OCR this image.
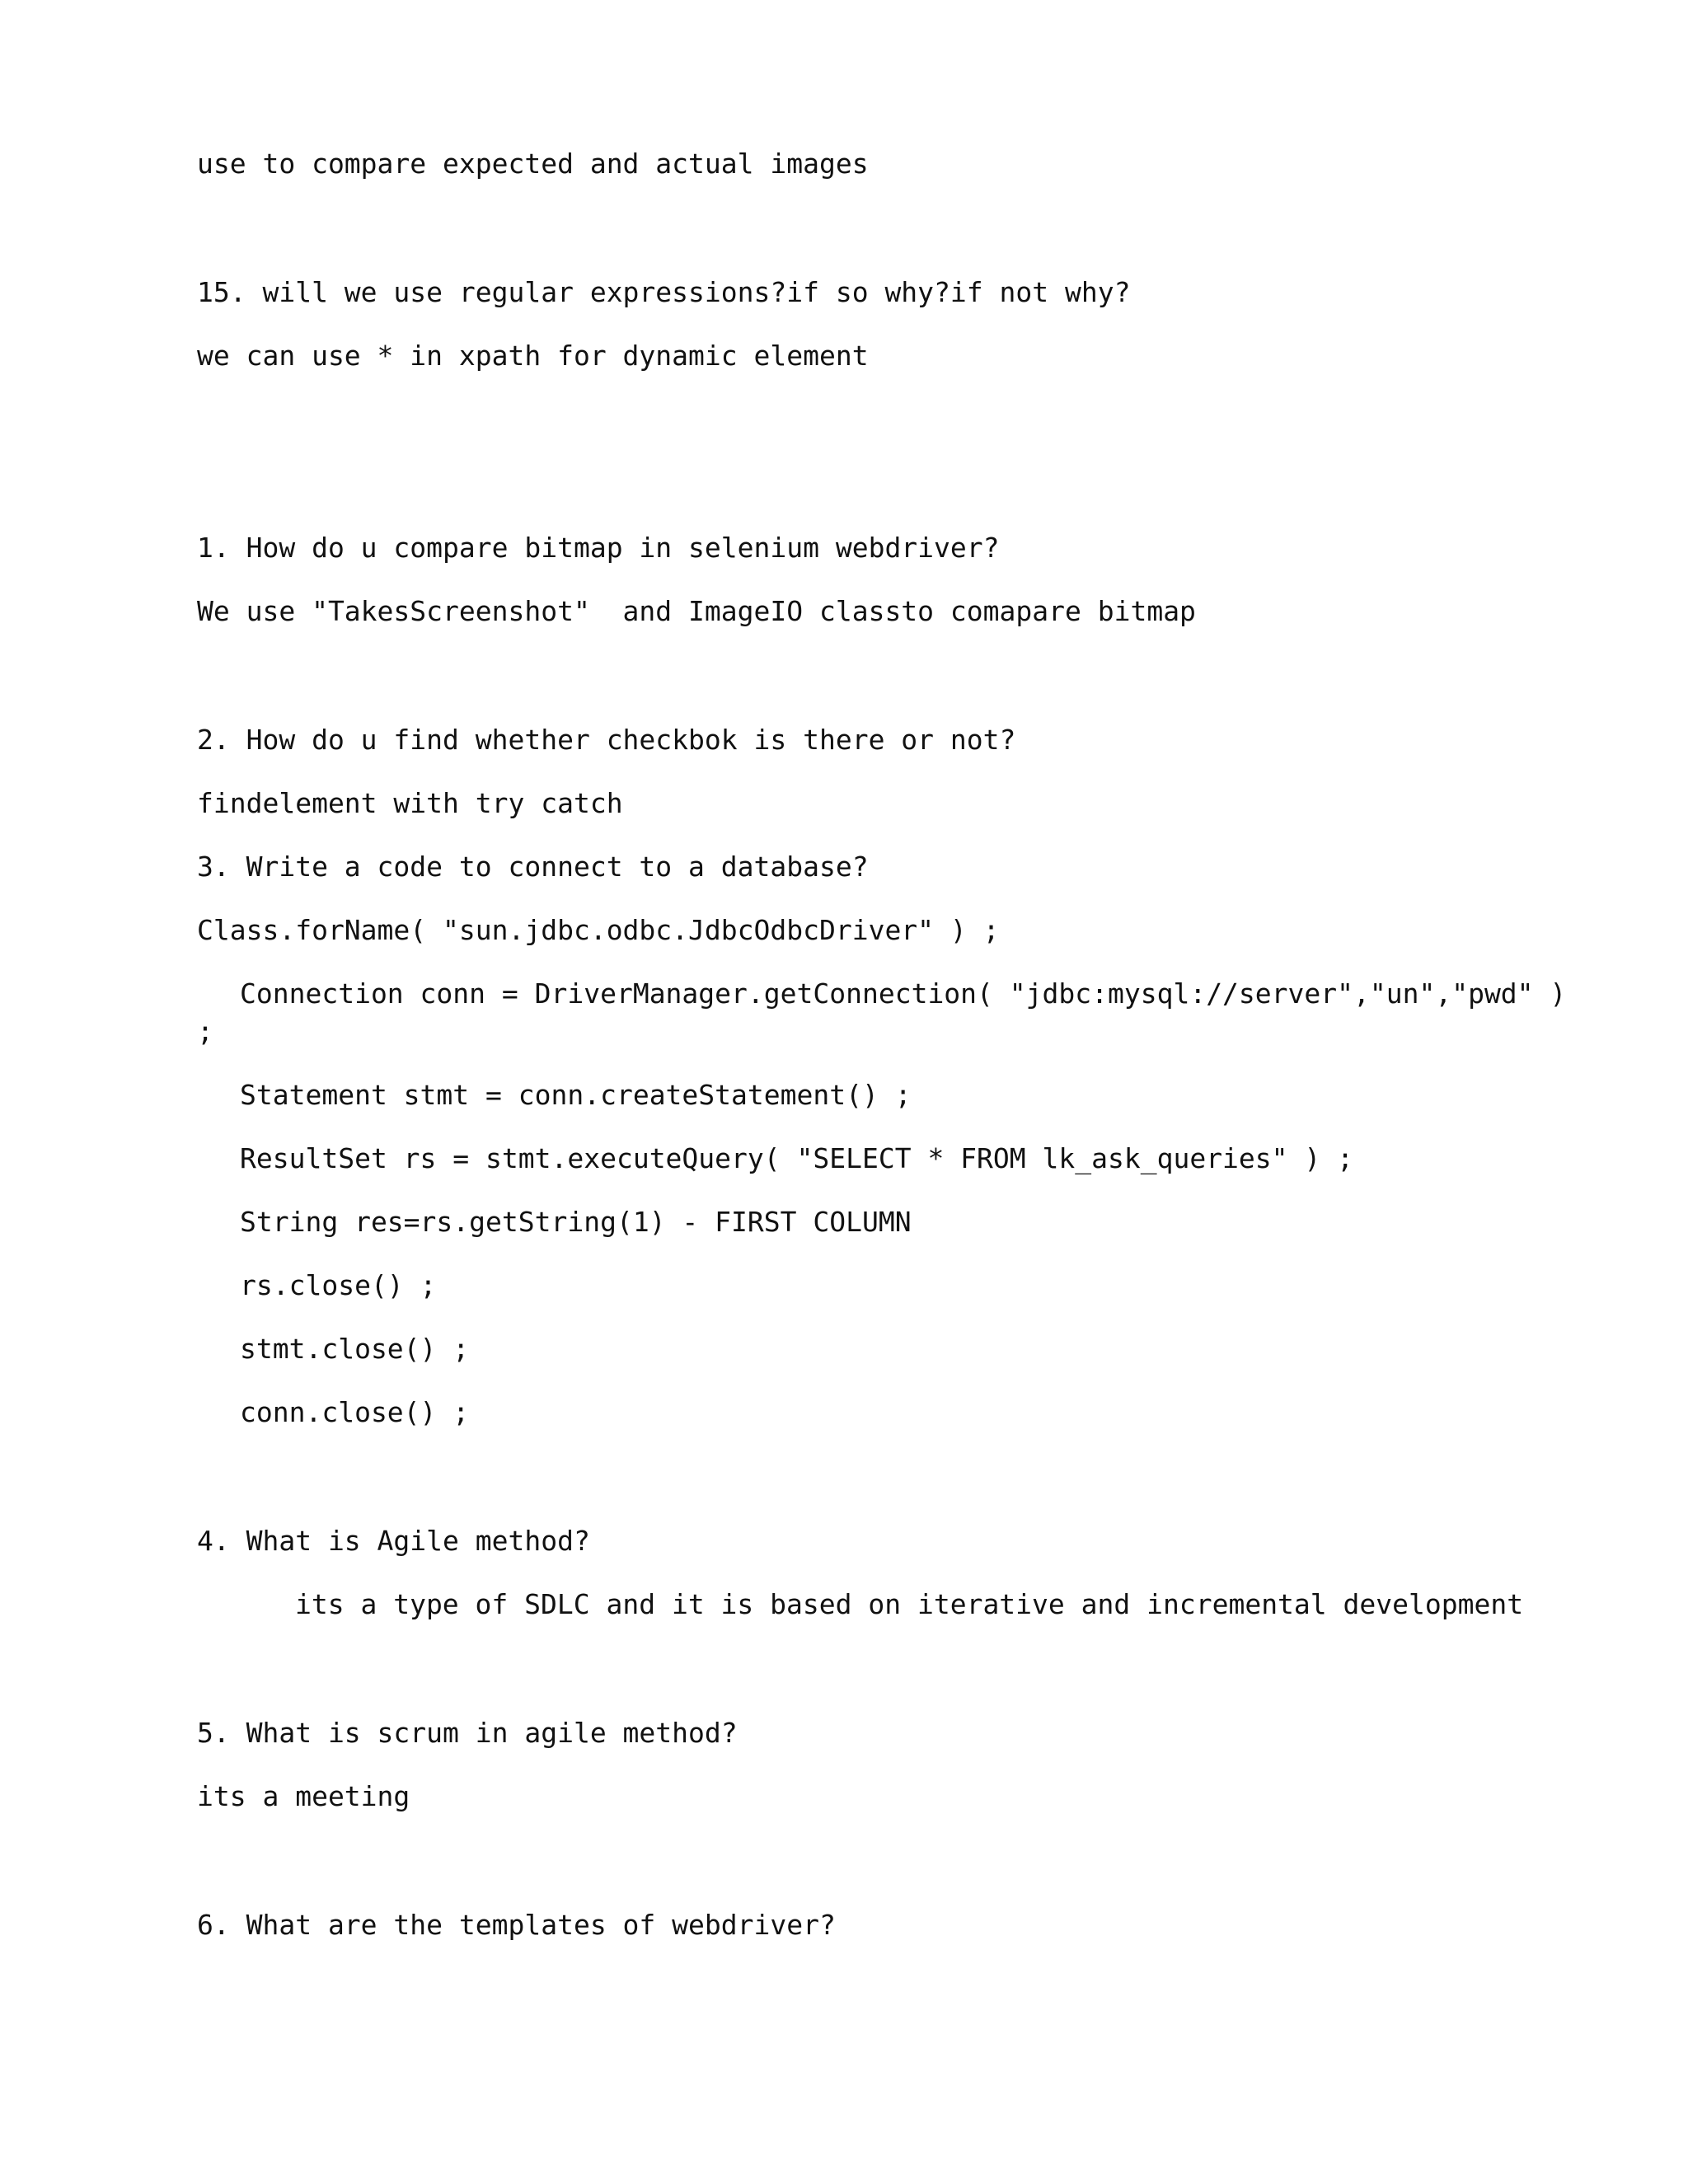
use to compare expected and actual images

15. will we use regular expressions?if so why?if not why?

we can use * in xpath for dynamic element

1. How do u compare bitmap in selenium webdriver?

We use "TakesScreenshot"  and ImageIO classto comapare bitmap

2. How do u find whether checkbok is there or not?

findelement with try catch

3. Write a code to connect to a database?

Class.forName( "sun.jdbc.odbc.JdbcOdbcDriver" ) ;

Connection conn = DriverManager.getConnection( "jdbc:mysql://server","un","pwd" )

;

Statement stmt = conn.createStatement() ;

ResultSet rs = stmt.executeQuery( "SELECT * FROM lk_ask_queries" ) ;

String res=rs.getString(1) - FIRST COLUMN

rs.close() ;

stmt.close() ;

conn.close() ;

4. What is Agile method?

its a type of SDLC and it is based on iterative and incremental development

5. What is scrum in agile method?

its a meeting

6. What are the templates of webdriver?
